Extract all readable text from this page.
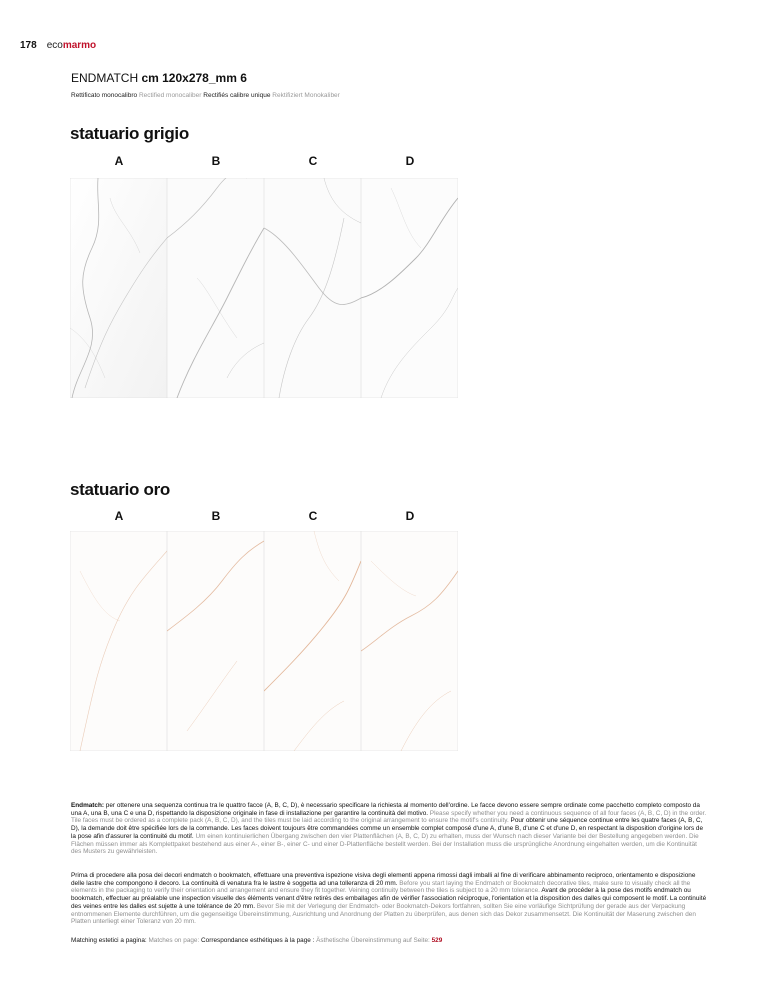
178 ecomarmo
ENDMATCH cm 120x278_mm 6
Rettificato monocalibro Rectified monocaliber Rectifiés calibre unique Rektifiziert Monokaliber
statuario grigio
A	B	C	D
statuario oro
A	B	C	D
Endmatch: per ottenere una sequenza continua tra le quattro facce (A, B, C, D), è necessario specificare la richiesta al momento dell'ordine. Le facce devono essere sempre ordinate come pacchetto completo composto da una A, una B, una C e una D, rispettando la disposizione originale in fase di installazione per garantire la continuità del motivo. Please specify whether you need a continuous sequence of all four faces (A, B, C, D) in the order. Tile faces must be ordered as a complete pack (A, B, C, D), and the tiles must be laid according to the original arrangement to ensure the motif's continuity. Pour obtenir une séquence continue entre les quatre faces (A, B, C, D), la demande doit être spécifiée lors de la commande. Les faces doivent toujours être commandées comme un ensemble complet composé d'une A, d'une B, d'une C et d'une D, en respectant la disposition d'origine lors de la pose afin d'assurer la continuité du motif. Um einen kontinuierlichen Übergang zwischen den vier Plattenflächen (A, B, C, D) zu erhalten, muss der Wunsch nach dieser Variante bei der Bestellung angegeben werden. Die Flächen müssen immer als Komplettpaket bestehend aus einer A-, einer B-, einer C- und einer D-Plattenfläche bestellt werden. Bei der Installation muss die ursprüngliche Anordnung eingehalten werden, um die Kontinuität des Musters zu gewährleisten.
Prima di procedere alla posa dei decori endmatch o bookmatch, effettuare una preventiva ispezione visiva degli elementi appena rimossi dagli imballi al fine di verificare abbinamento reciproco, orientamento e disposizione delle lastre che compongono il decoro. La continuità di venatura fra le lastre è soggetta ad una tolleranza di 20 mm. Before you start laying the Endmatch or Bookmatch decorative tiles, make sure to visually check all the elements in the packaging to verify their orientation and arrangement and ensure they fit together. Veining continuity between the tiles is subject to a 20 mm tolerance. Avant de procéder à la pose des motifs endmatch ou bookmatch, effectuer au préalable une inspection visuelle des éléments venant d'être retirés des emballages afin de vérifier l'association réciproque, l'orientation et la disposition des dalles qui composent le motif. La continuité des veines entre les dalles est sujette à une tolérance de 20 mm. Bevor Sie mit der Verlegung der Endmatch- oder Bookmatch-Dekors fortfahren, sollten Sie eine vorläufige Sichtprüfung der gerade aus der Verpackung entnommenen Elemente durchführen, um die gegenseitige Übereinstimmung, Ausrichtung und Anordnung der Platten zu überprüfen, aus denen sich das Dekor zusammensetzt. Die Kontinuität der Maserung zwischen den Platten unterliegt einer Toleranz von 20 mm.
Matching estetici a pagina: Matches on page: Correspondance esthétiques à la page : Ästhetische Übereinstimmung auf Seite: 529
